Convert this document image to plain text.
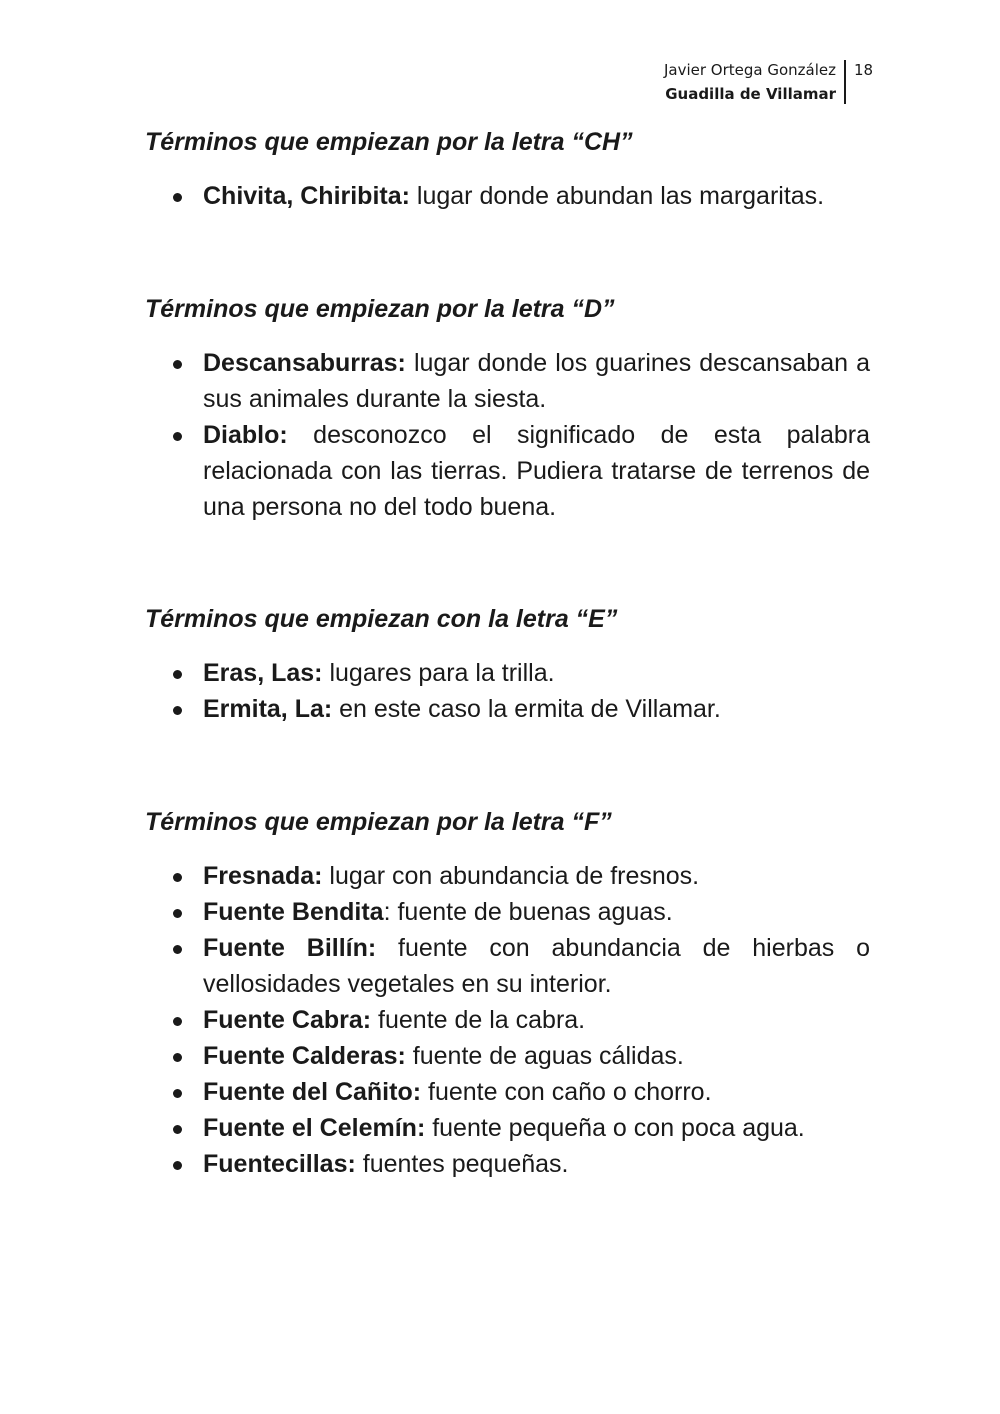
Javier Ortega González
Guadilla de Villamar
18
Términos que empiezan por la letra “CH”
Chivita, Chiribita: lugar donde abundan las margaritas.
Términos que empiezan por la letra “D”
Descansaburras: lugar donde los guarines descansaban a sus animales durante la siesta.
Diablo: desconozco el significado de esta palabra relacionada con las tierras. Pudiera tratarse de terrenos de una persona no del todo buena.
Términos que empiezan con la letra “E”
Eras, Las: lugares para la trilla.
Ermita, La: en este caso la ermita de Villamar.
Términos que empiezan por la letra “F”
Fresnada: lugar con abundancia de fresnos.
Fuente Bendita: fuente de buenas aguas.
Fuente Billín: fuente con abundancia de hierbas o vellosidades vegetales en su interior.
Fuente Cabra: fuente de la cabra.
Fuente Calderas: fuente de aguas cálidas.
Fuente del Cañito: fuente con caño o chorro.
Fuente el Celemín: fuente pequeña o con poca agua.
Fuentecillas: fuentes pequeñas.
